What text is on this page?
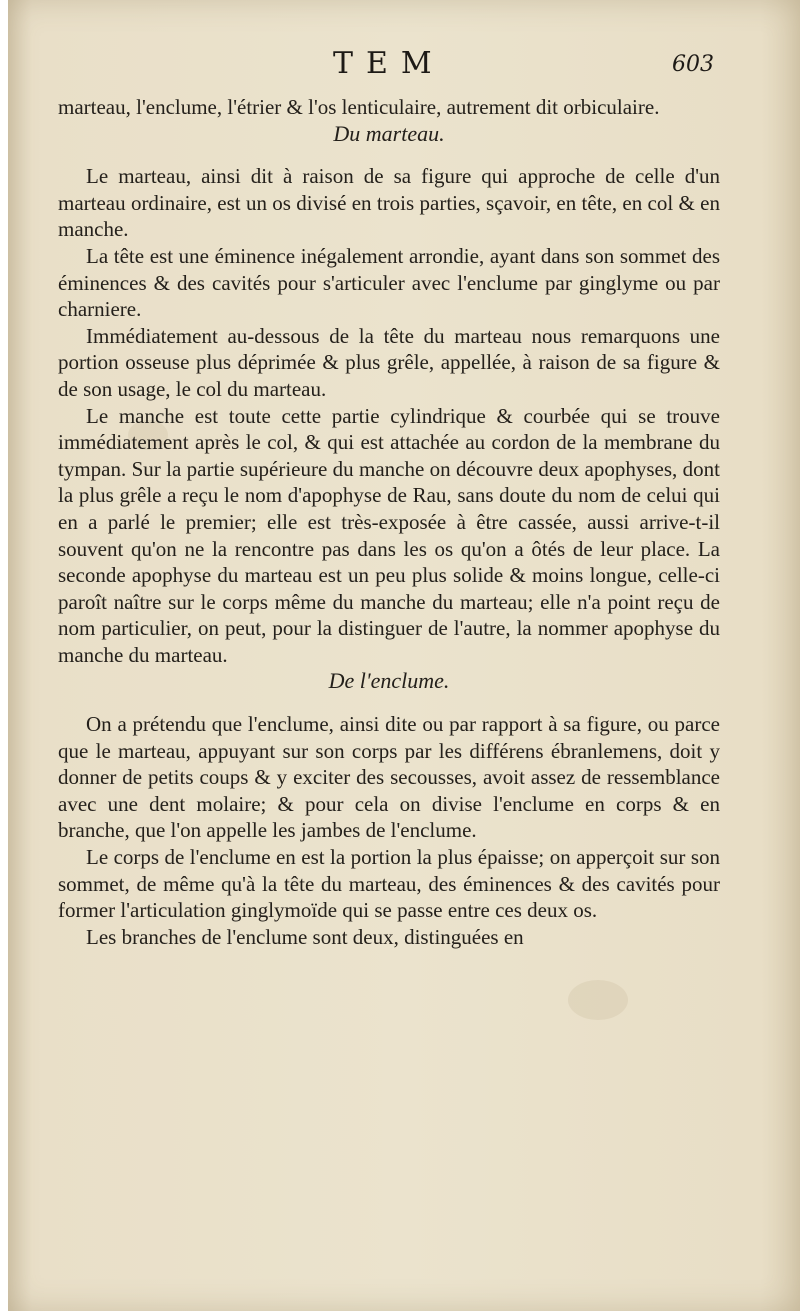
TEM	603

marteau, l'enclume, l'étrier & l'os lenticulaire, autrement dit orbiculaire.

Du marteau.

Le marteau, ainsi dit à raison de sa figure qui approche de celle d'un marteau ordinaire, est un os divisé en trois parties, sçavoir, en tête, en col & en manche.

La tête est une éminence inégalement arrondie, ayant dans son sommet des éminences & des cavités pour s'articuler avec l'enclume par ginglyme ou par charniere.

Immédiatement au-dessous de la tête du marteau nous remarquons une portion osseuse plus déprimée & plus grêle, appellée, à raison de sa figure & de son usage, le col du marteau.

Le manche est toute cette partie cylindrique & courbée qui se trouve immédiatement après le col, & qui est attachée au cordon de la membrane du tympan. Sur la partie supérieure du manche on découvre deux apophyses, dont la plus grêle a reçu le nom d'apophyse de Rau, sans doute du nom de celui qui en a parlé le premier; elle est très-exposée à être cassée, aussi arrive-t-il souvent qu'on ne la rencontre pas dans les os qu'on a ôtés de leur place. La seconde apophyse du marteau est un peu plus solide & moins longue, celle-ci paroît naître sur le corps même du manche du marteau; elle n'a point reçu de nom particulier, on peut, pour la distinguer de l'autre, la nommer apophyse du manche du marteau.

De l'enclume.

On a prétendu que l'enclume, ainsi dite ou par rapport à sa figure, ou parce que le marteau, appuyant sur son corps par les différens ébranlemens, doit y donner de petits coups & y exciter des secousses, avoit assez de ressemblance avec une dent molaire; & pour cela on divise l'enclume en corps & en branche, que l'on appelle les jambes de l'enclume.

Le corps de l'enclume en est la portion la plus épaisse; on apperçoit sur son sommet, de même qu'à la tête du marteau, des éminences & des cavités pour former l'articulation ginglymoïde qui se passe entre ces deux os.

Les branches de l'enclume sont deux, distinguées en
